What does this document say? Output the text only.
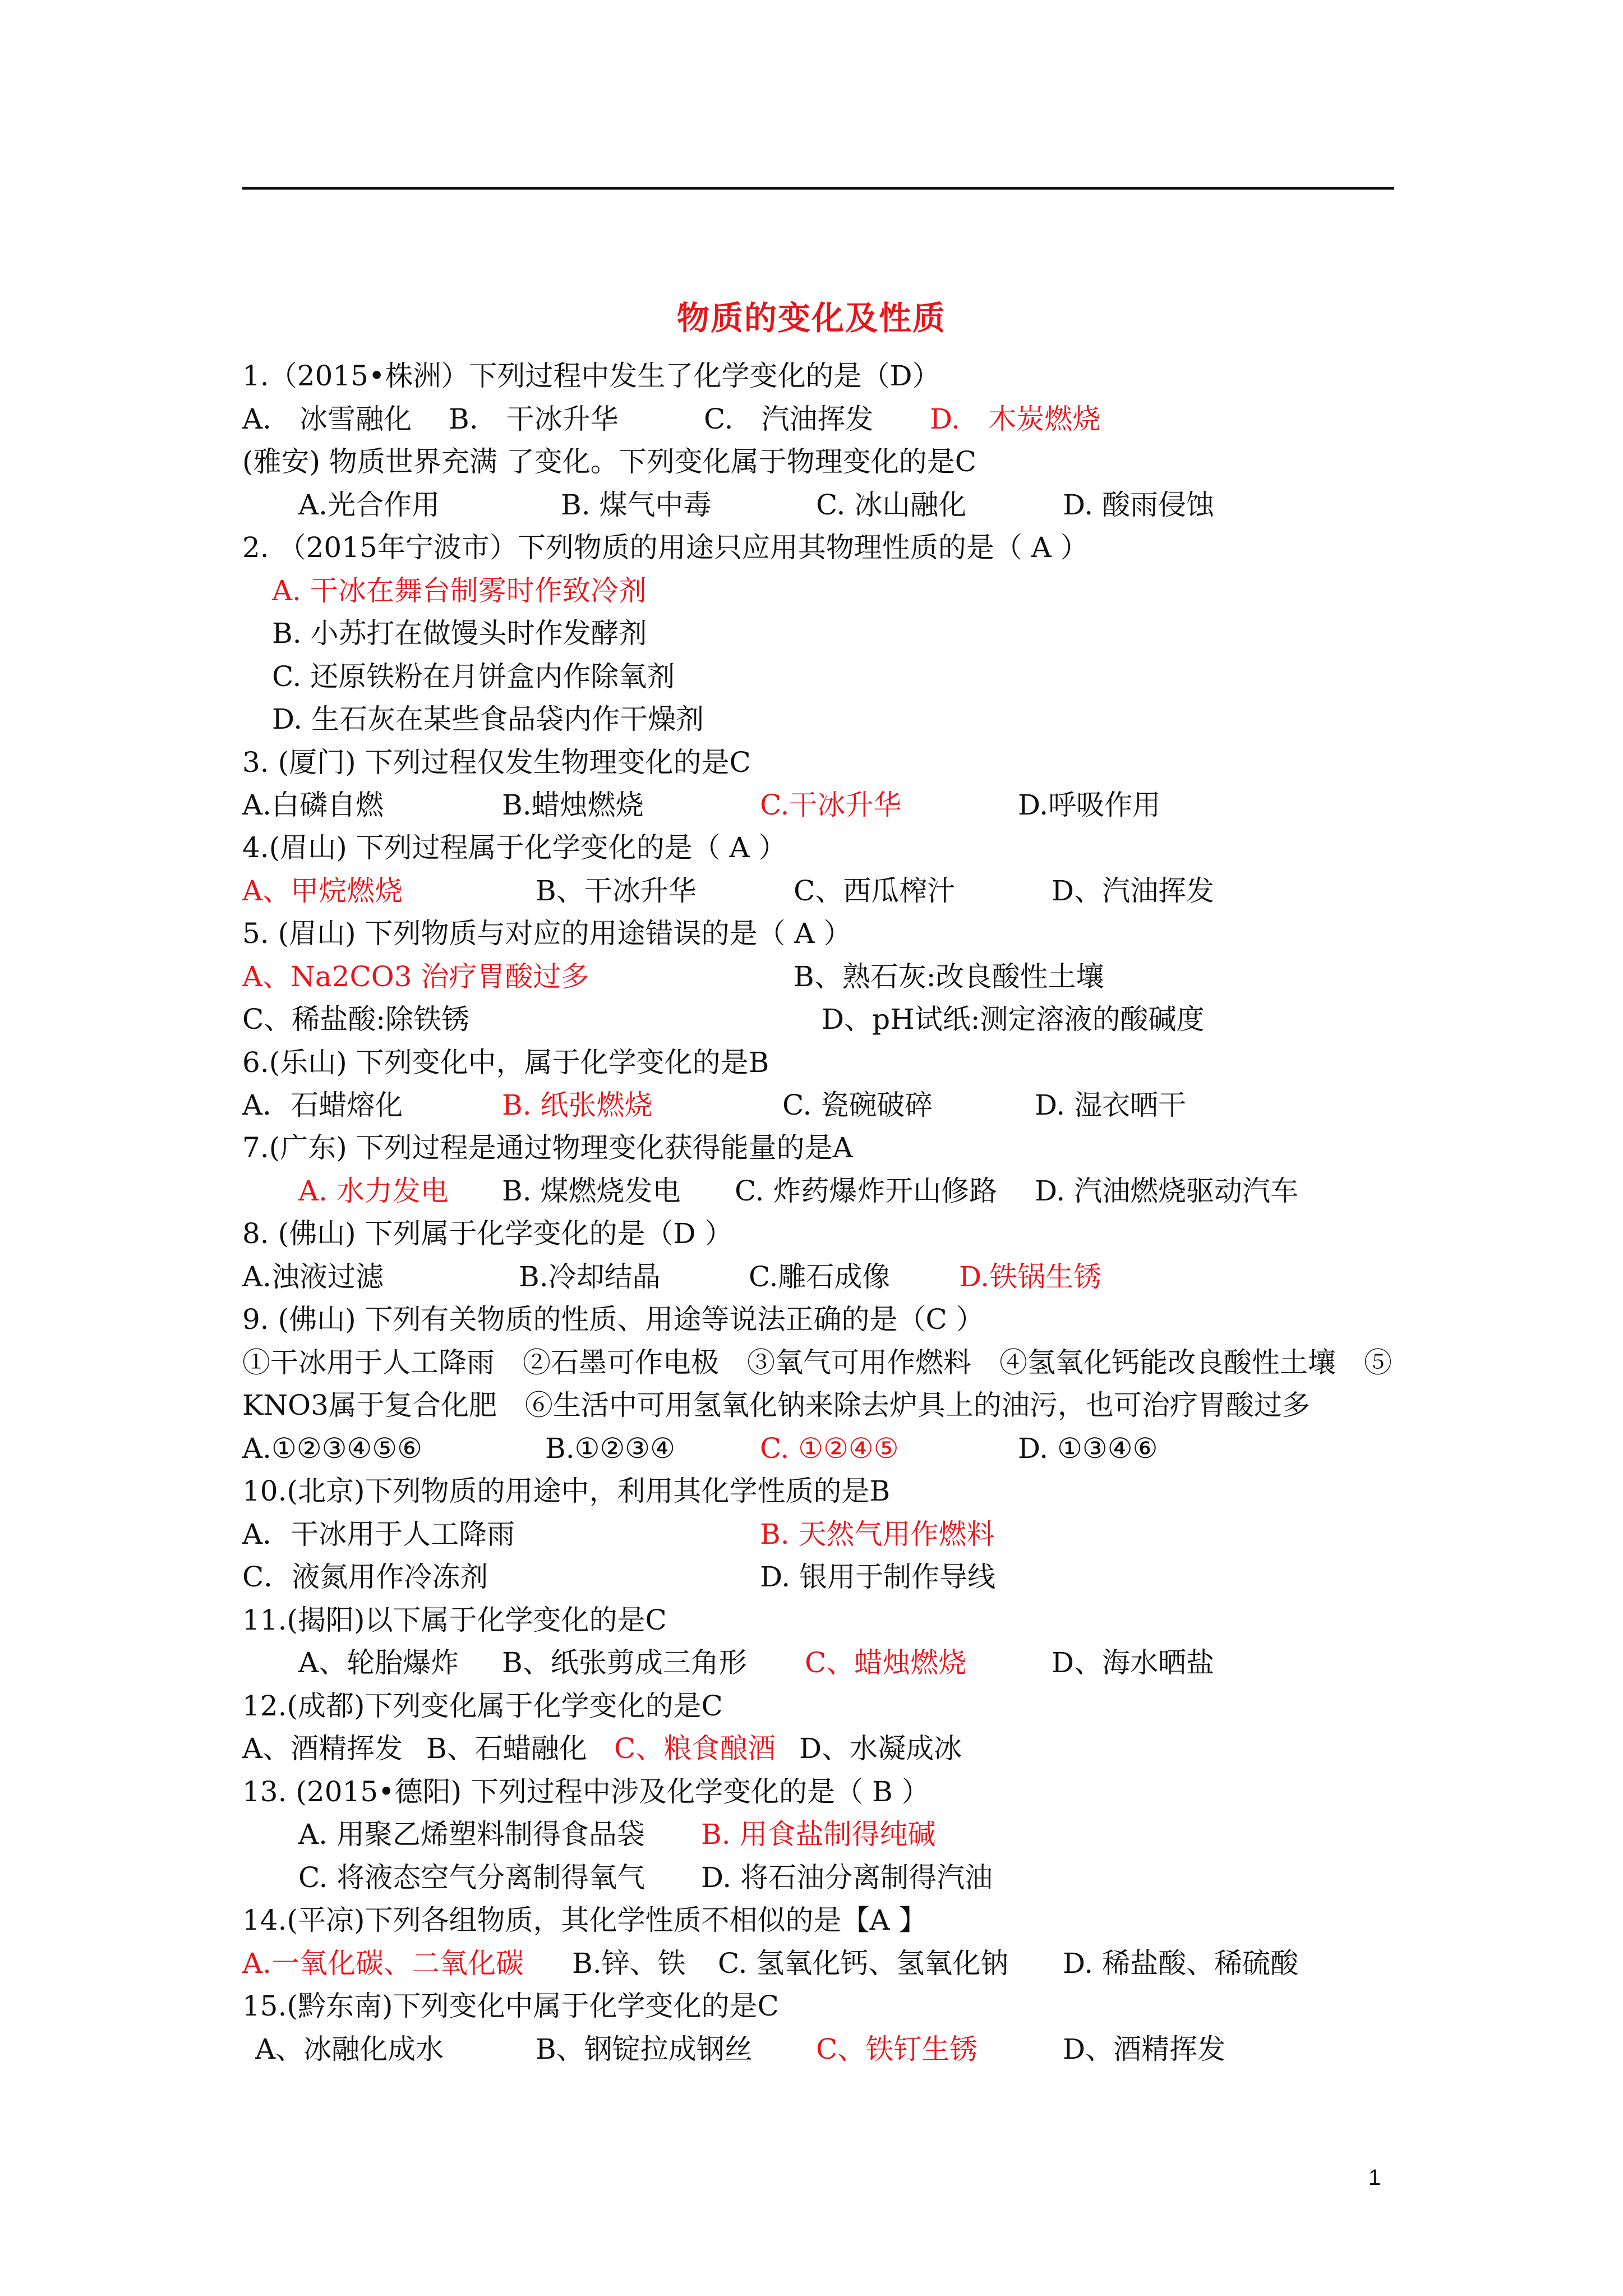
物质的变化及性质
1.（2015•株洲）下列过程中发生了化学变化的是（D）
A.　冰雪融化 B.　干冰升华	C.　汽油挥发 D.　木炭燃烧
(雅安) 物质世界充满 了变化。下列变化属于物理变化的是C
A.光合作用	B. 煤气中毒	C. 冰山融化	D. 酸雨侵蚀
2. （2015年宁波市）下列物质的用途只应用其物理性质的是（ A ）
A. 干冰在舞台制雾时作致冷剂
B. 小苏打在做馒头时作发酵剂
C. 还原铁粉在月饼盒内作除氧剂
D. 生石灰在某些食品袋内作干燥剂
3. (厦门) 下列过程仅发生物理变化的是C
A.白磷自燃	B.蜡烛燃烧	C.干冰升华	D.呼吸作用
4.(眉山) 下列过程属于化学变化的是（ A ）
A、甲烷燃烧	B、干冰升华	C、西瓜榨汁	D、汽油挥发
5. (眉山) 下列物质与对应的用途错误的是（ A ）
A、Na2CO3 治疗胃酸过多	B、熟石灰:改良酸性土壤
C、稀盐酸:除铁锈	D、pH试纸:测定溶液的酸碱度
6.(乐山) 下列变化中，属于化学变化的是B
A．石蜡熔化	B. 纸张燃烧	C. 瓷碗破碎	D. 湿衣晒干
7.(广东) 下列过程是通过物理变化获得能量的是A
A. 水力发电 B. 煤燃烧发电 C. 炸药爆炸开山修路 D. 汽油燃烧驱动汽车
8. (佛山) 下列属于化学变化的是（D ）
A.浊液过滤	B.冷却结晶	C.雕石成像 D.铁锅生锈
9. (佛山) 下列有关物质的性质、用途等说法正确的是（C ）
①干冰用于人工降雨　②石墨可作电极　③氧气可用作燃料　④氢氧化钙能改良酸性土壤　⑤
KNO3属于复合化肥　⑥生活中可用氢氧化钠来除去炉具上的油污，也可治疗胃酸过多
A.①②③④⑤⑥	B.①②③④	C. ①②④⑤	D. ①③④⑥
10.(北京)下列物质的用途中，利用其化学性质的是B
A．干冰用于人工降雨	B. 天然气用作燃料
C．液氮用作冷冻剂	D. 银用于制作导线
11.(揭阳)以下属于化学变化的是C
A、轮胎爆炸 B、纸张剪成三角形 C、蜡烛燃烧	D、海水晒盐
12.(成都)下列变化属于化学变化的是C
A、酒精挥发 B、石蜡融化 C、粮食酿酒 D、水凝成冰
13. (2015•德阳) 下列过程中涉及化学变化的是（ B ）
A. 用聚乙烯塑料制得食品袋 B. 用食盐制得纯碱
C. 将液态空气分离制得氧气 D. 将石油分离制得汽油
14.(平凉)下列各组物质，其化学性质不相似的是【A 】
A.一氧化碳、二氧化碳 B.锌、铁 C. 氢氧化钙、氢氧化钠 D. 稀盐酸、稀硫酸
15.(黔东南)下列变化中属于化学变化的是C
A、冰融化成水	B、钢锭拉成钢丝 C、铁钉生锈	D、酒精挥发
1
